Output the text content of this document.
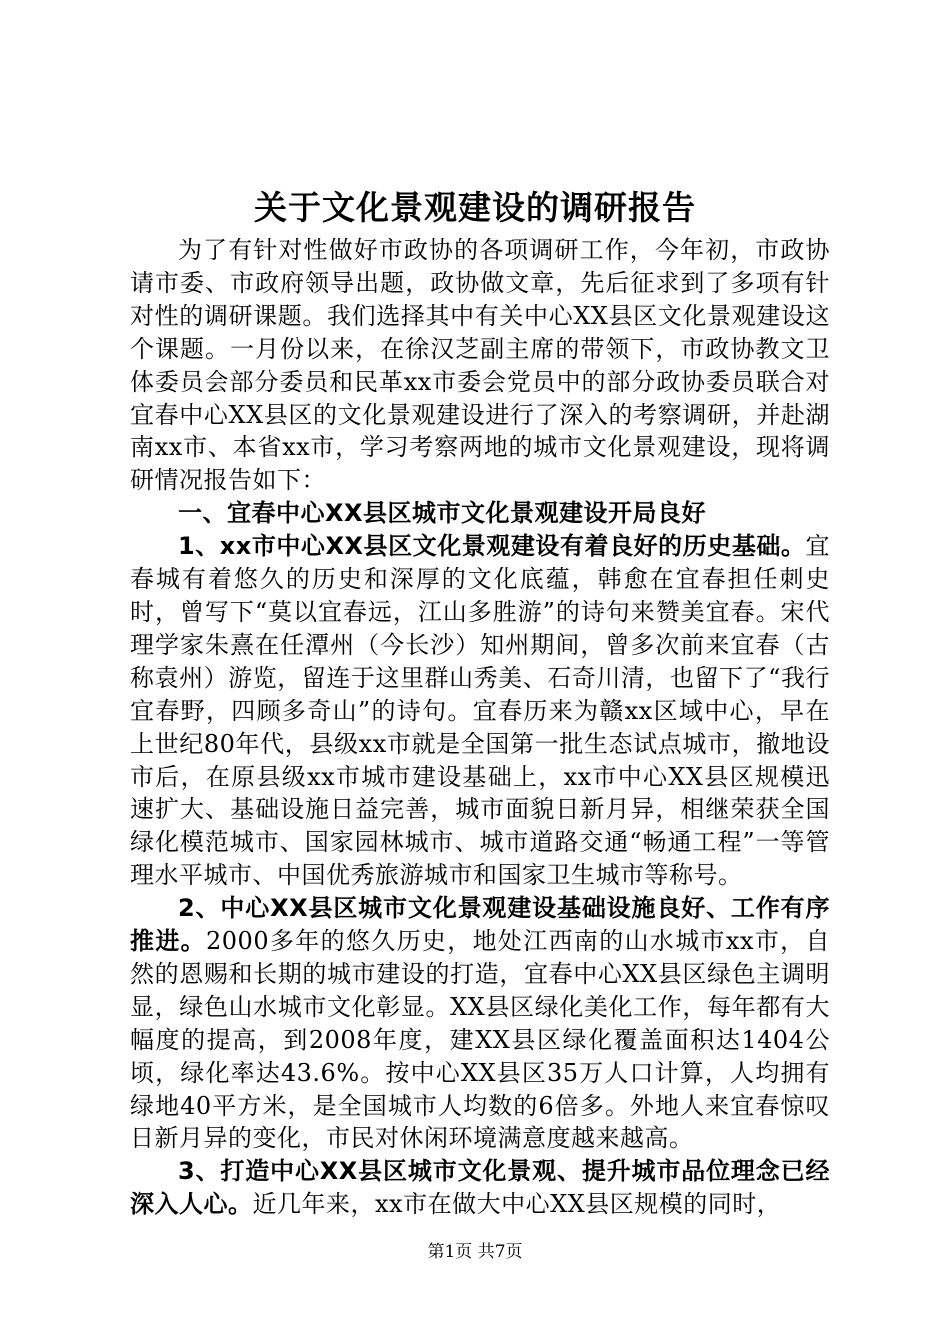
关于文化景观建设的调研报告

为了有针对性做好市政协的各项调研工作，今年初，市政协请市委、市政府领导出题，政协做文章，先后征求到了多项有针对性的调研课题。我们选择其中有关中心XX县区文化景观建设这个课题。一月份以来，在徐汉芝副主席的带领下，市政协教文卫体委员会部分委员和民革xx市委会党员中的部分政协委员联合对宜春中心XX县区的文化景观建设进行了深入的考察调研，并赴湖南xx市、本省xx市，学习考察两地的城市文化景观建设，现将调研情况报告如下：

一、宜春中心XX县区城市文化景观建设开局良好

1、xx市中心XX县区文化景观建设有着良好的历史基础。宜春城有着悠久的历史和深厚的文化底蕴，韩愈在宜春担任刺史时，曾写下“莫以宜春远，江山多胜游”的诗句来赞美宜春。宋代理学家朱熹在任潭州（今长沙）知州期间，曾多次前来宜春（古称袁州）游览，留连于这里群山秀美、石奇川清，也留下了“我行宜春野，四顾多奇山”的诗句。宜春历来为赣xx区域中心，早在上世纪80年代，县级xx市就是全国第一批生态试点城市，撤地设市后，在原县级xx市城市建设基础上，xx市中心XX县区规模迅速扩大、基础设施日益完善，城市面貌日新月异，相继荣获全国绿化模范城市、国家园林城市、城市道路交通“畅通工程”一等管理水平城市、中国优秀旅游城市和国家卫生城市等称号。

2、中心XX县区城市文化景观建设基础设施良好、工作有序推进。2000多年的悠久历史，地处江西南的山水城市xx市，自然的恩赐和长期的城市建设的打造，宜春中心XX县区绿色主调明显，绿色山水城市文化彰显。XX县区绿化美化工作，每年都有大幅度的提高，到2008年度，建XX县区绿化覆盖面积达1404公顷，绿化率达43.6%。按中心XX县区35万人口计算，人均拥有绿地40平方米，是全国城市人均数的6倍多。外地人来宜春惊叹日新月异的变化，市民对休闲环境满意度越来越高。

3、打造中心XX县区城市文化景观、提升城市品位理念已经深入人心。近几年来，xx市在做大中心XX县区规模的同时，

第1页 共7页
